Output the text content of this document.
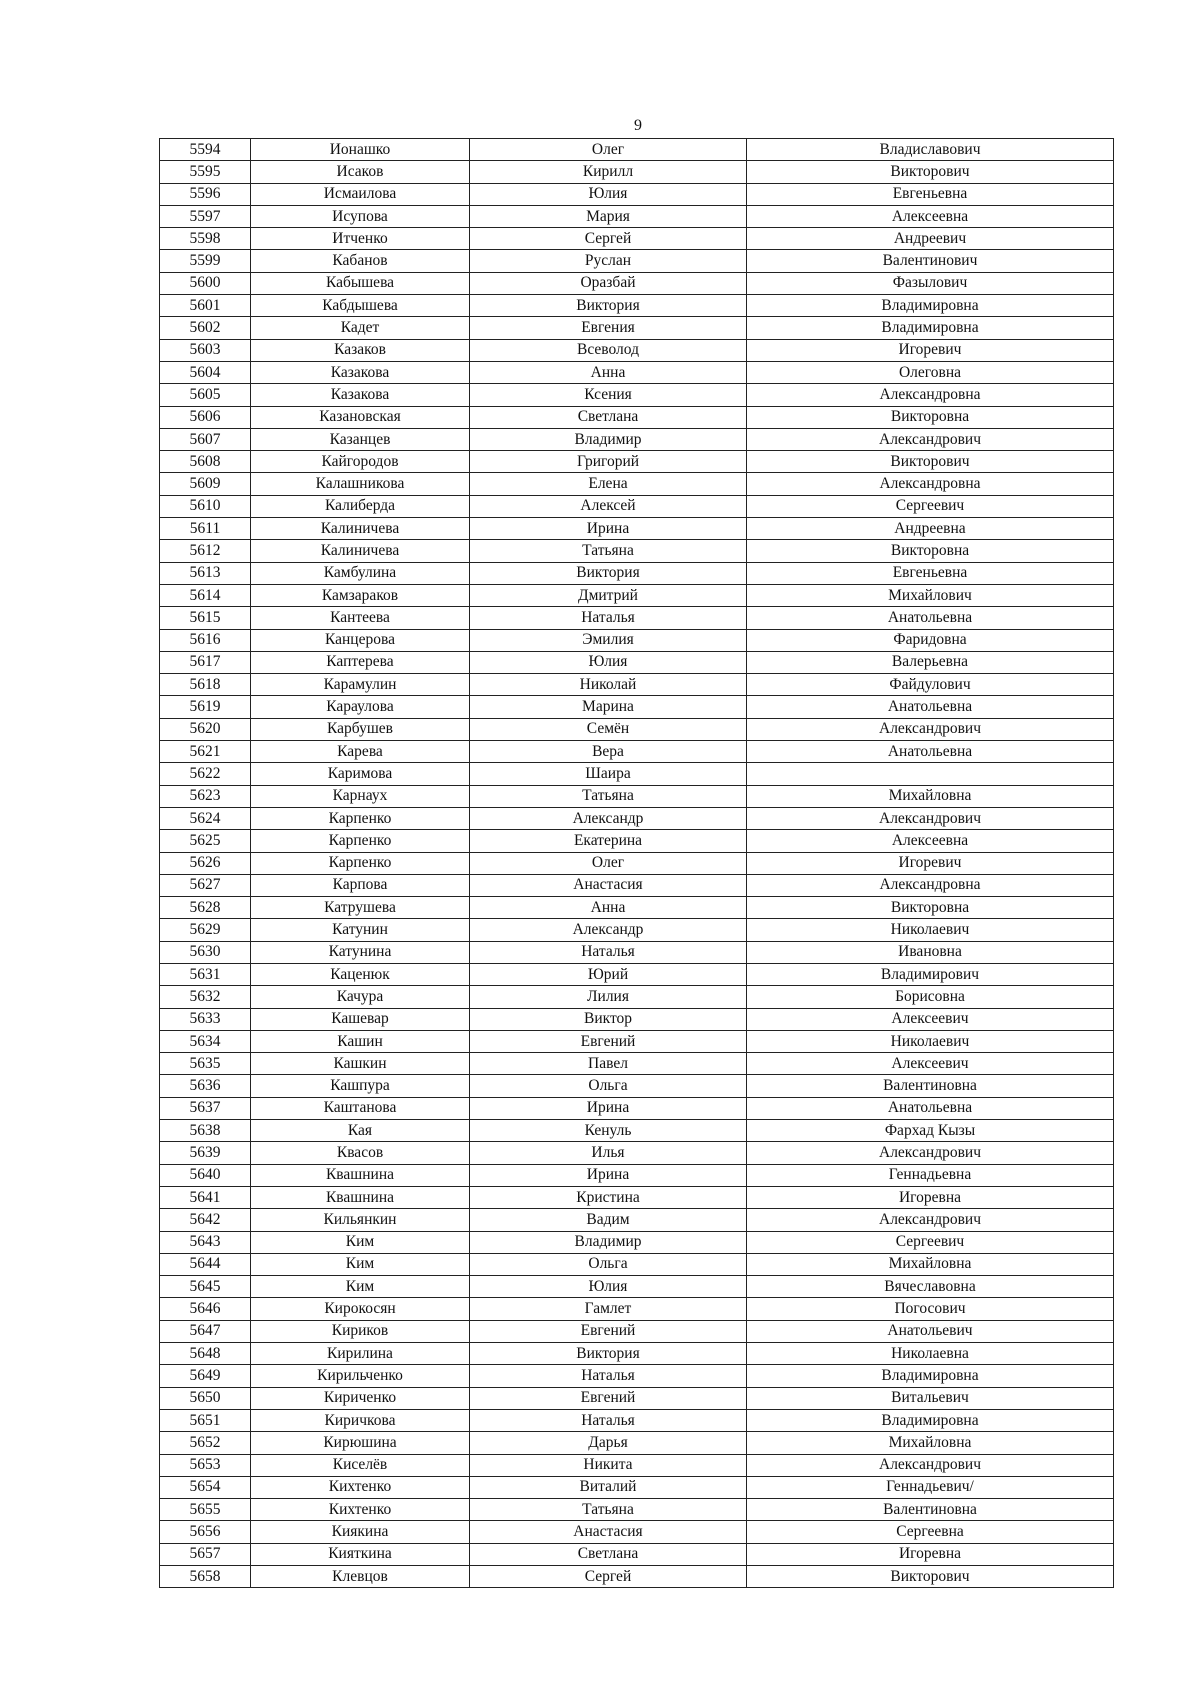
9
5594	Ионашко	Олег	Владиславович
5595	Исаков	Кирилл	Викторович
5596	Исмаилова	Юлия	Евгеньевна
5597	Исупова	Мария	Алексеевна
5598	Итченко	Сергей	Андреевич
5599	Кабанов	Руслан	Валентинович
5600	Кабышева	Оразбай	Фазылович
5601	Кабдышева	Виктория	Владимировна
5602	Кадет	Евгения	Владимировна
5603	Казаков	Всеволод	Игоревич
5604	Казакова	Анна	Олеговна
5605	Казакова	Ксения	Александровна
5606	Казановская	Светлана	Викторовна
5607	Казанцев	Владимир	Александрович
5608	Кайгородов	Григорий	Викторович
5609	Калашникова	Елена	Александровна
5610	Калиберда	Алексей	Сергеевич
5611	Калиничева	Ирина	Андреевна
5612	Калиничева	Татьяна	Викторовна
5613	Камбулина	Виктория	Евгеньевна
5614	Камзараков	Дмитрий	Михайлович
5615	Кантеева	Наталья	Анатольевна
5616	Канцерова	Эмилия	Фаридовна
5617	Каптерева	Юлия	Валерьевна
5618	Карамулин	Николай	Файдулович
5619	Караулова	Марина	Анатольевна
5620	Карбушев	Семён	Александрович
5621	Карева	Вера	Анатольевна
5622	Каримова	Шаира	
5623	Карнаух	Татьяна	Михайловна
5624	Карпенко	Александр	Александрович
5625	Карпенко	Екатерина	Алексеевна
5626	Карпенко	Олег	Игоревич
5627	Карпова	Анастасия	Александровна
5628	Катрушева	Анна	Викторовна
5629	Катунин	Александр	Николаевич
5630	Катунина	Наталья	Ивановна
5631	Каценюк	Юрий	Владимирович
5632	Качура	Лилия	Борисовна
5633	Кашевар	Виктор	Алексеевич
5634	Кашин	Евгений	Николаевич
5635	Кашкин	Павел	Алексеевич
5636	Кашпура	Ольга	Валентиновна
5637	Каштанова	Ирина	Анатольевна
5638	Кая	Кенуль	Фархад Кызы
5639	Квасов	Илья	Александрович
5640	Квашнина	Ирина	Геннадьевна
5641	Квашнина	Кристина	Игоревна
5642	Кильянкин	Вадим	Александрович
5643	Ким	Владимир	Сергеевич
5644	Ким	Ольга	Михайловна
5645	Ким	Юлия	Вячеславовна
5646	Кирокосян	Гамлет	Погосович
5647	Кириков	Евгений	Анатольевич
5648	Кирилина	Виктория	Николаевна
5649	Кирильченко	Наталья	Владимировна
5650	Кириченко	Евгений	Витальевич
5651	Киричкова	Наталья	Владимировна
5652	Кирюшина	Дарья	Михайловна
5653	Киселёв	Никита	Александрович
5654	Кихтенко	Виталий	Геннадьевич/
5655	Кихтенко	Татьяна	Валентиновна
5656	Киякина	Анастасия	Сергеевна
5657	Кияткина	Светлана	Игоревна
5658	Клевцов	Сергей	Викторович
